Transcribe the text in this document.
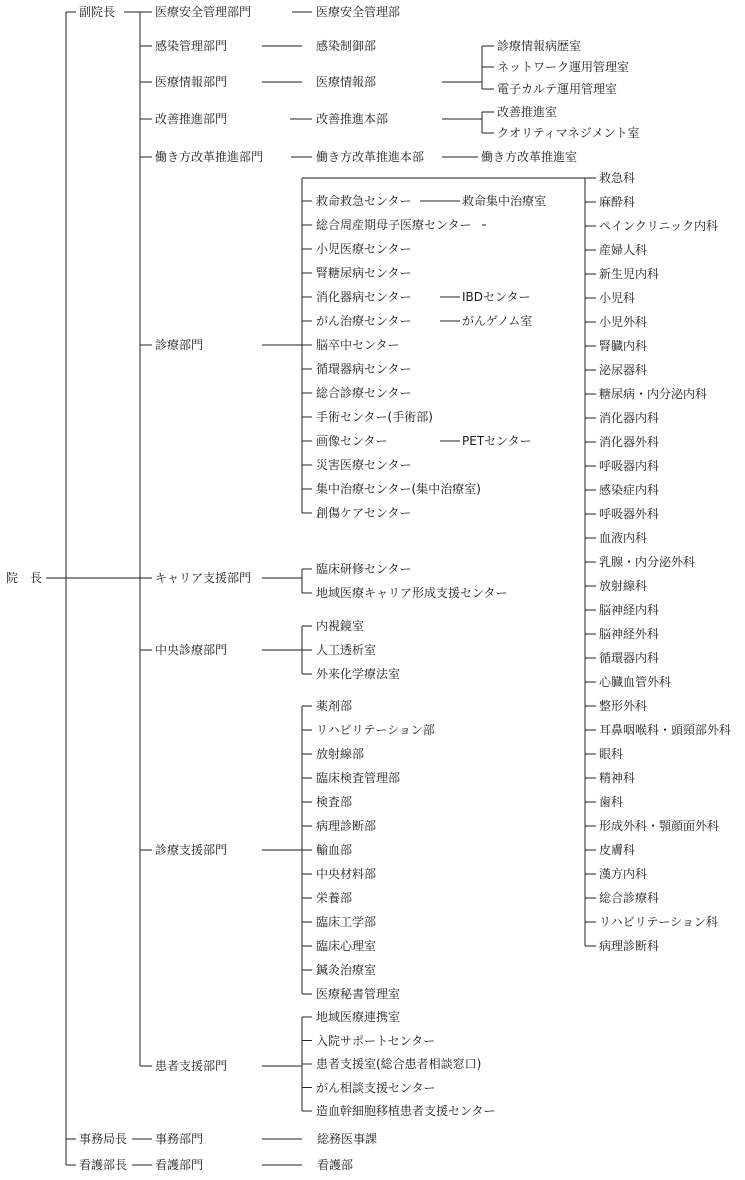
院　長
副院長
事務局長
看護部長
事務部門
看護部門
総務医事課
看護部
医療安全管理部門
感染管理部門
医療情報部門
改善推進部門
働き方改革推進部門
医療安全管理部
感染制御部
医療情報部
改善推進本部
働き方改革推進本部
診療情報病歴室
ネットワーク運用管理室
電子カルテ運用管理室
改善推進室
クオリティマネジメント室
働き方改革推進室
診療部門
救命救急センター
総合周産期母子医療センター
小児医療センター
腎糖尿病センター
消化器病センター
がん治療センター
脳卒中センター
循環器病センター
総合診療センター
手術センター(手術部)
画像センター
災害医療センター
集中治療センター(集中治療室)
創傷ケアセンター
救命集中治療室
IBDセンター
がんゲノム室
PETセンター
救急科
麻酔科
ペインクリニック内科
産婦人科
新生児内科
小児科
小児外科
腎臓内科
泌尿器科
糖尿病・内分泌内科
消化器内科
消化器外科
呼吸器内科
感染症内科
呼吸器外科
血液内科
乳腺・内分泌外科
放射線科
脳神経内科
脳神経外科
循環器内科
心臓血管外科
整形外科
耳鼻咽喉科・頭頸部外科
眼科
精神科
歯科
形成外科・顎顔面外科
皮膚科
漢方内科
総合診療科
リハビリテーション科
病理診断科
キャリア支援部門
臨床研修センター
地域医療キャリア形成支援センター
中央診療部門
内視鏡室
人工透析室
外来化学療法室
診療支援部門
薬剤部
リハビリテーション部
放射線部
臨床検査管理部
検査部
病理診断部
輸血部
中央材料部
栄養部
臨床工学部
臨床心理室
鍼灸治療室
医療秘書管理室
患者支援部門
地域医療連携室
入院サポートセンター
患者支援室(総合患者相談窓口)
がん相談支援センター
造血幹細胞移植患者支援センター
